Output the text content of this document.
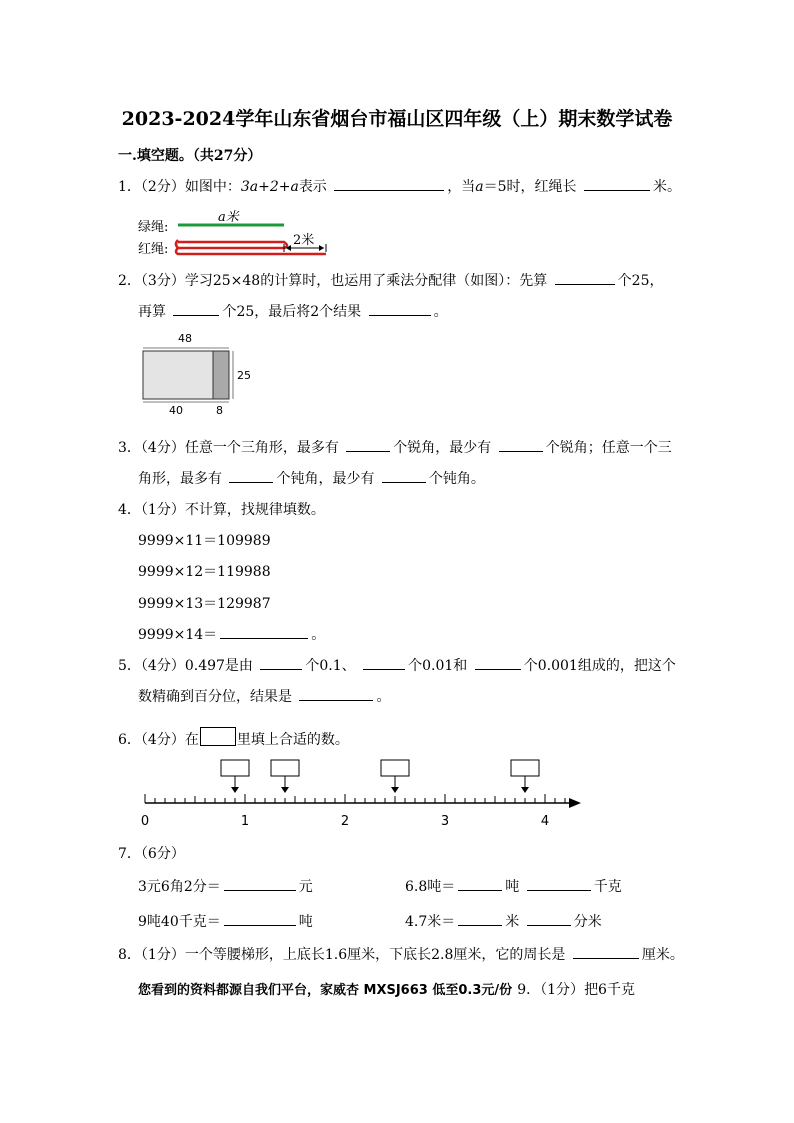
2023-2024学年山东省烟台市福山区四年级（上）期末数学试卷
一.填空题。（共27分）
1．（2分）如图中：3a+2+a表示	，当a＝5时，红绳长	米。
绿绳:
红绳:
a米
2米
2．（3分）学习25×48的计算时，也运用了乘法分配律（如图）：先算	个25，
再算	个25，最后将2个结果	。
48
25
40	8
3．（4分）任意一个三角形，最多有	个锐角，最少有	个锐角；任意一个三
角形，最多有	个钝角，最少有	个钝角。
4．（1分）不计算，找规律填数。
9999×11＝109989
9999×12＝119988
9999×13＝129987
9999×14＝	。
5．（4分）0.497是由	个0.1、	个0.01和	个0.001组成的，把这个
数精确到百分位，结果是	。
6．（4分）在	里填上合适的数。
0	1	2	3	4
7．（6分）
3元6角2分＝	元	6.8吨＝	吨	千克
9吨40千克＝	吨	4.7米＝	米	分米
8．（1分）一个等腰梯形，上底长1.6厘米，下底长2.8厘米，它的周长是	厘米。
您看到的资料都源自我们平台，家威杏 MXSJ663 低至0.3元/份 9．（1分）把6千克
